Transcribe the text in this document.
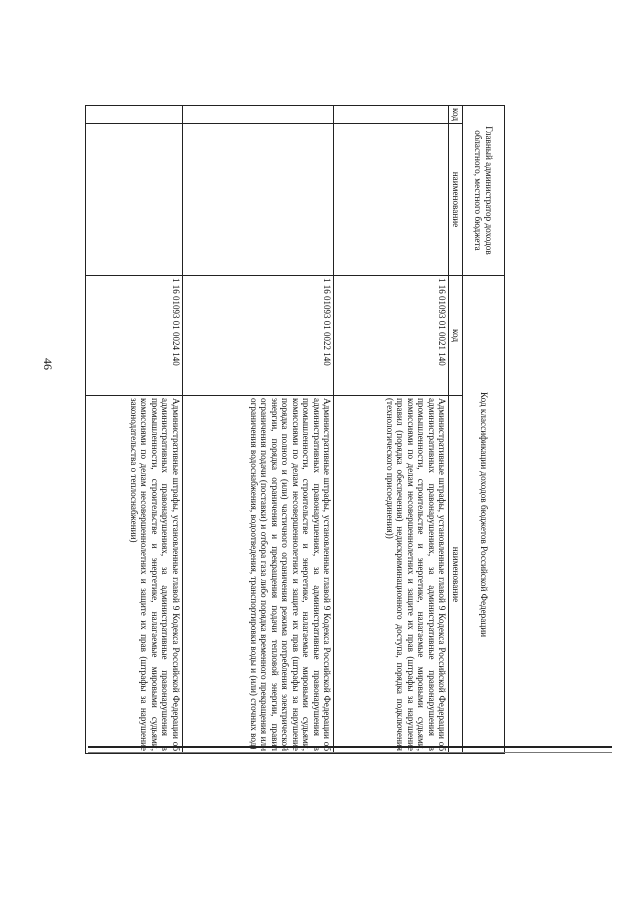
46
Главный администратор доходов областного, местного бюджета		Код классификации доходов бюджетов Российской Федерации	
код	наименование	код	наименование
		1 16 01093 01 0021 140	Административные штрафы, установленные главой 9 Кодекса Российской Федерации об административных правонарушениях, за административные правонарушения в промышленности, строительстве и энергетике, налагаемые мировыми судьями, комиссиями по делам несовершеннолетних и защите их прав (штрафы за нарушение правил (порядка обеспечения) недискриминационного доступа, порядка подключения (технологического присоединения))
		1 16 01093 01 0022 140	Административные штрафы, установленные главой 9 Кодекса Российской Федерации об административных правонарушениях, за административные правонарушения в промышленности, строительстве и энергетике, налагаемые мировыми судьями, комиссиями по делам несовершеннолетних и защите их прав (штрафы за нарушение порядка полного и (или) частичного ограничения режима потребления электрической энергии, порядка ограничения и прекращения подачи тепловой энергии, правил ограничения подачи (поставки) и отбора газа либо порядка временного прекращения или ограничения водоснабжения, водоотведения, транспортировки воды и (или) сточных вод)
		1 16 01093 01 0024 140	Административные штрафы, установленные главой 9 Кодекса Российской Федерации об административных правонарушениях, за административные правонарушения в промышленности, строительстве и энергетике, налагаемые мировыми судьями, комиссиями по делам несовершеннолетних и защите их прав (штрафы за нарушение законодательства о теплоснабжении)
